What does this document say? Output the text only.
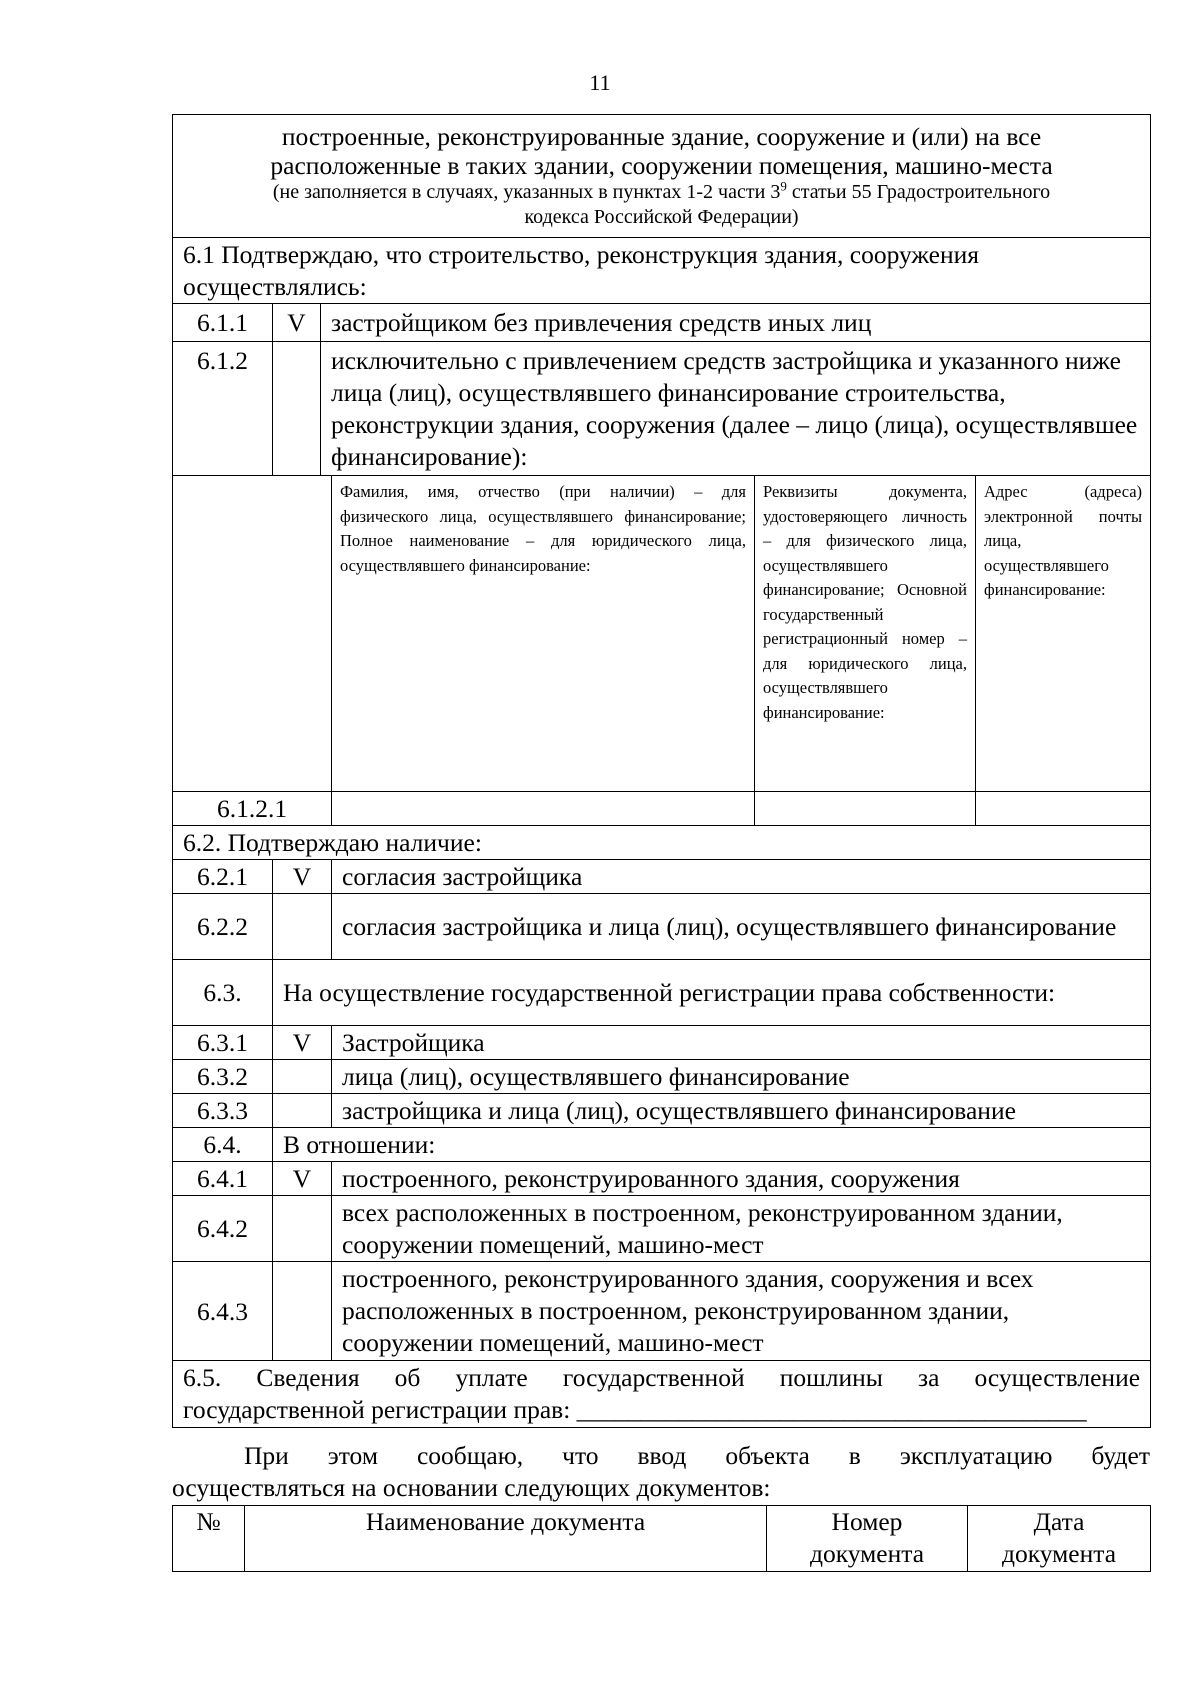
11
построенные, реконструированные здание, сооружение и (или) на все
расположенные в таких здании, сооружении помещения, машино-места
(не заполняется в случаях, указанных в пунктах 1-2 части $3^9$ статьи 55 Градостроительного
кодекса Российской Федерации)					

6.1 Подтверждаю, что строительство, реконструкция здания, сооружения осуществлялись:					
6.1.1	V	застройщиком без привлечения средств иных лиц			
6.1.2		исключительно с привлечением средств застройщика и указанного ниже лица (лиц), осуществлявшего финансирование строительства, реконструкции здания, сооружения (далее – лицо (лица), осуществлявшее финансирование):			
			Фамилия, имя, отчество (при наличии) – для физического лица, осуществлявшего финансирование; Полное наименование – для юридического лица, осуществлявшего финансирование:	Реквизиты документа, удостоверяющего личность – для физического лица, осуществлявшего финансирование; Основной государственный регистрационный номер – для юридического лица, осуществлявшего финансирование:	Адрес (адреса) электронной почты лица, осуществлявшего финансирование:
6.1.2.1					
6.2. Подтверждаю наличие:					
6.2.1	V		согласия застройщика		
6.2.2			согласия застройщика и лица (лиц), осуществлявшего финансирование		
6.3.	На осуществление государственной регистрации права собственности:				
6.3.1	V		Застройщика		
6.3.2			лица (лиц), осуществлявшего финансирование		
6.3.3			застройщика и лица (лиц), осуществлявшего финансирование		
6.4.	В отношении:				
6.4.1	V		построенного, реконструированного здания, сооружения		
6.4.2			всех расположенных в построенном, реконструированном здании, сооружении помещений, машино-мест		
6.4.3			построенного, реконструированного здания, сооружения и всех расположенных в построенном, реконструированном здании, сооружении помещений, машино-мест		

6.5. Сведения об уплате государственной пошлины за осуществление
государственной регистрации прав: ________________________________________					
При этом сообщаю, что ввод объекта в эксплуатацию будет
осуществляться на основании следующих документов:
№	Наименование документа	Номер документа	Дата документа
